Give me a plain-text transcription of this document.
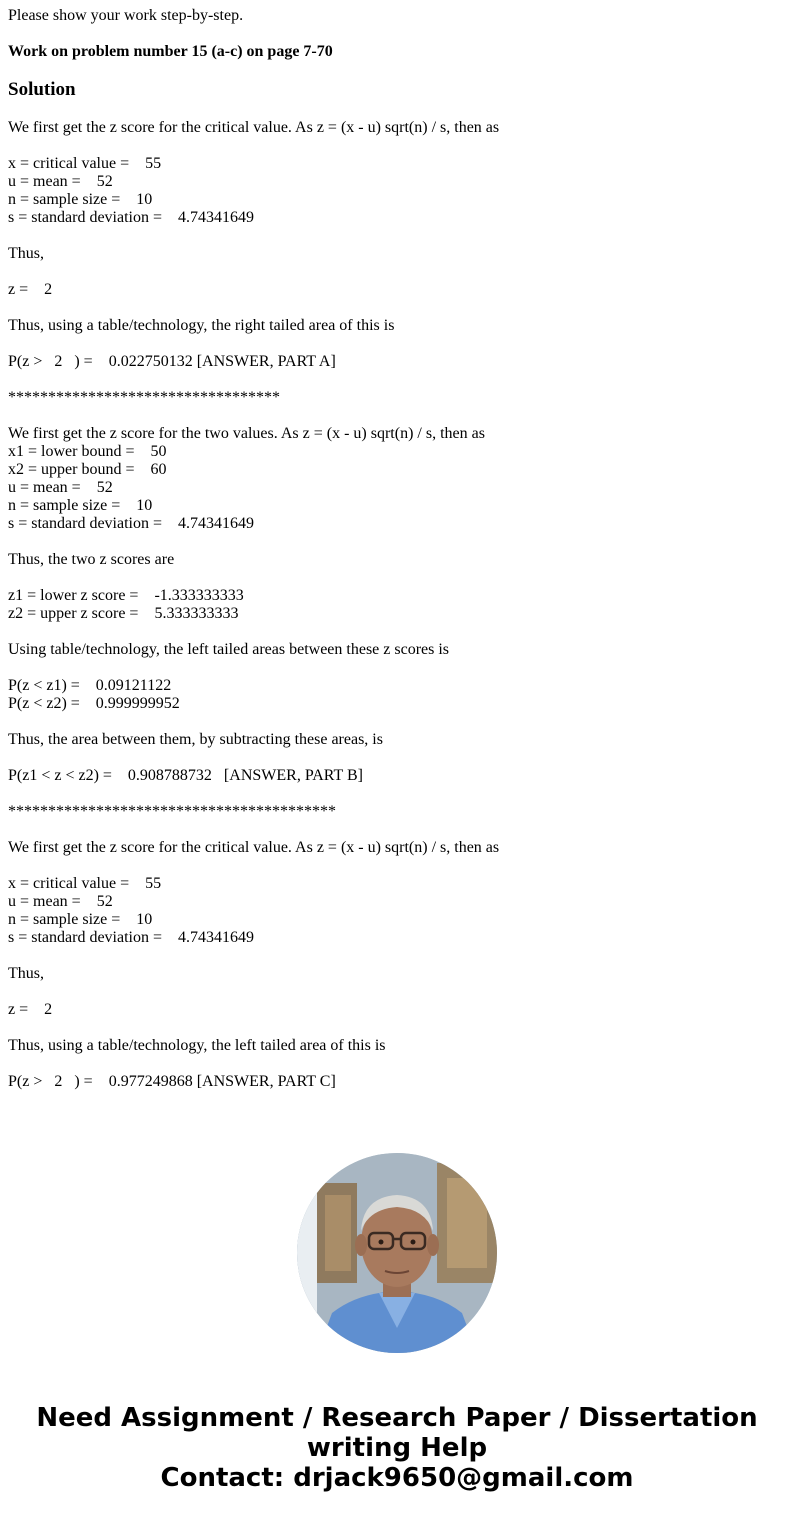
Please show your work step-by-step.
Work on problem number 15 (a-c) on page 7-70
Solution
We first get the z score for the critical value. As z = (x - u) sqrt(n) / s, then as
x = critical value =    55
u = mean =    52
n = sample size =    10
s = standard deviation =    4.74341649
Thus,
z =    2
Thus, using a table/technology, the right tailed area of this is
P(z >   2   ) =    0.022750132 [ANSWER, PART A]
**********************************
We first get the z score for the two values. As z = (x - u) sqrt(n) / s, then as
x1 = lower bound =    50
x2 = upper bound =    60
u = mean =    52
n = sample size =    10
s = standard deviation =    4.74341649
Thus, the two z scores are
z1 = lower z score =    -1.333333333
z2 = upper z score =    5.333333333
Using table/technology, the left tailed areas between these z scores is
P(z < z1) =    0.09121122
P(z < z2) =    0.999999952
Thus, the area between them, by subtracting these areas, is
P(z1 < z < z2) =    0.908788732   [ANSWER, PART B]
*****************************************
We first get the z score for the critical value. As z = (x - u) sqrt(n) / s, then as
x = critical value =    55
u = mean =    52
n = sample size =    10
s = standard deviation =    4.74341649
Thus,
z =    2
Thus, using a table/technology, the left tailed area of this is
P(z >   2   ) =    0.977249868 [ANSWER, PART C]
Need Assignment / Research Paper / Dissertation
writing Help
Contact: drjack9650@gmail.com
